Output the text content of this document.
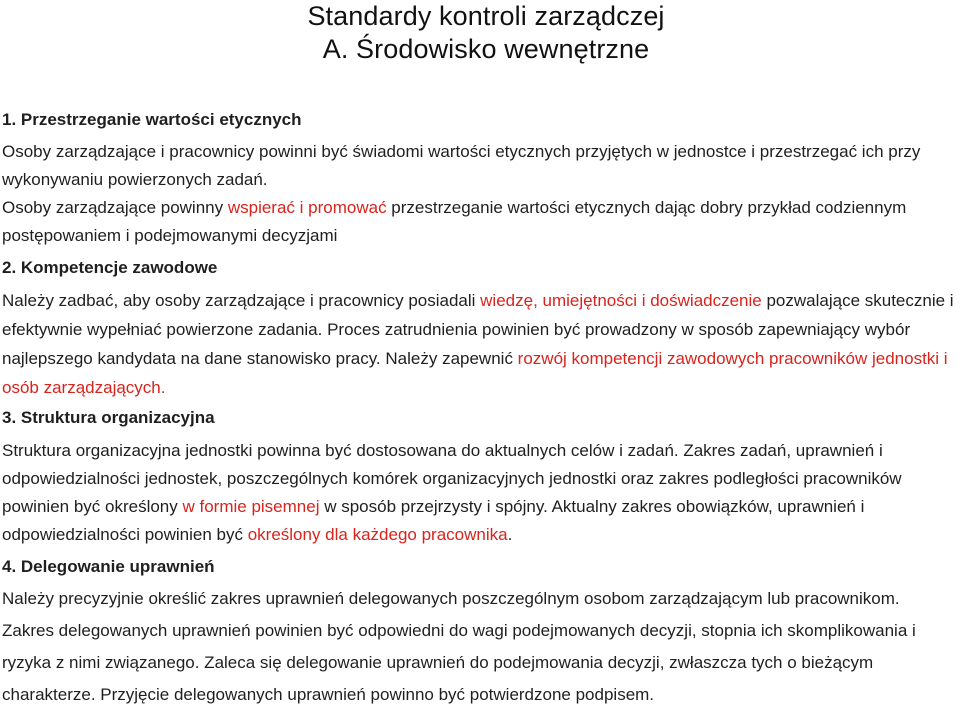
Standardy kontroli zarządczej
A. Środowisko wewnętrzne

1. Przestrzeganie wartości etycznych

Osoby zarządzające i pracownicy powinni być świadomi wartości etycznych przyjętych w jednostce i przestrzegać ich przy wykonywaniu powierzonych zadań.

Osoby zarządzające powinny wspierać i promować przestrzeganie wartości etycznych dając dobry przykład codziennym postępowaniem i podejmowanymi decyzjami

2. Kompetencje zawodowe

Należy zadbać, aby osoby zarządzające i pracownicy posiadali wiedzę, umiejętności i doświadczenie pozwalające skutecznie i efektywnie wypełniać powierzone zadania. Proces zatrudnienia powinien być prowadzony w sposób zapewniający wybór najlepszego kandydata na dane stanowisko pracy. Należy zapewnić rozwój kompetencji zawodowych pracowników jednostki i osób zarządzających.

3. Struktura organizacyjna

Struktura organizacyjna jednostki powinna być dostosowana do aktualnych celów i zadań. Zakres zadań, uprawnień i odpowiedzialności jednostek, poszczególnych komórek organizacyjnych jednostki oraz zakres podległości pracowników powinien być określony w formie pisemnej w sposób przejrzysty i spójny. Aktualny zakres obowiązków, uprawnień i odpowiedzialności powinien być określony dla każdego pracownika.

4. Delegowanie uprawnień

Należy precyzyjnie określić zakres uprawnień delegowanych poszczególnym osobom zarządzającym lub pracownikom. Zakres delegowanych uprawnień powinien być odpowiedni do wagi podejmowanych decyzji, stopnia ich skomplikowania i ryzyka z nimi związanego. Zaleca się delegowanie uprawnień do podejmowania decyzji, zwłaszcza tych o bieżącym charakterze. Przyjęcie delegowanych uprawnień powinno być potwierdzone podpisem.
